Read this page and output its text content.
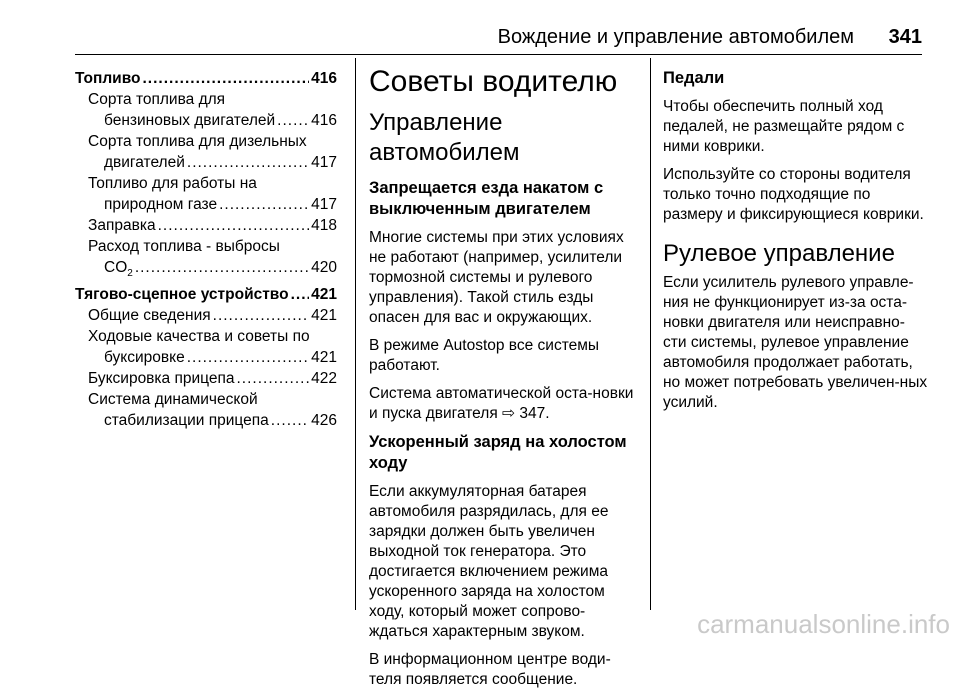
Вождение и управление автомобилем 341
Топливо .....	416
Сорта топлива для
бензиновых двигателей ..... 416
Сорта топлива для дизельных
двигателей .....	417
Топливо для работы на
природном газе .....	417
Заправка .....	418
Расход топлива - выбросы
$CO_2$ .....	420
Тягово-сцепное устройство ..... 421
Общие сведения .....	421
Ходовые качества и советы по
буксировке .....	421
Буксировка прицепа .....	422
Система динамической
стабилизации прицепа .....	426
Советы водителю
Управление автомобилем
Запрещается езда накатом с выключенным двигателем
Многие системы при этих условиях не работают (например, усилители тормозной системы и рулевого управления). Такой стиль езды опасен для вас и окружающих.
В режиме Autostop все системы работают.
Система автоматической оста-новки и пуска двигателя ⇨ 347.
Ускоренный заряд на холостом ходу
Если аккумуляторная батарея автомобиля разрядилась, для ее зарядки должен быть увеличен выходной ток генератора. Это достигается включением режима ускоренного заряда на холостом ходу, который может сопрово-ждаться характерным звуком.
В информационном центре води-теля появляется сообщение.
Педали
Чтобы обеспечить полный ход педалей, не размещайте рядом с ними коврики.
Используйте со стороны водителя только точно подходящие по размеру и фиксирующиеся коврики.
Рулевое управление
Если усилитель рулевого управле-ния не функционирует из-за оста-новки двигателя или неисправно-сти системы, рулевое управление автомобиля продолжает работать, но может потребовать увеличен-ных усилий.
carmanualsonline.info
